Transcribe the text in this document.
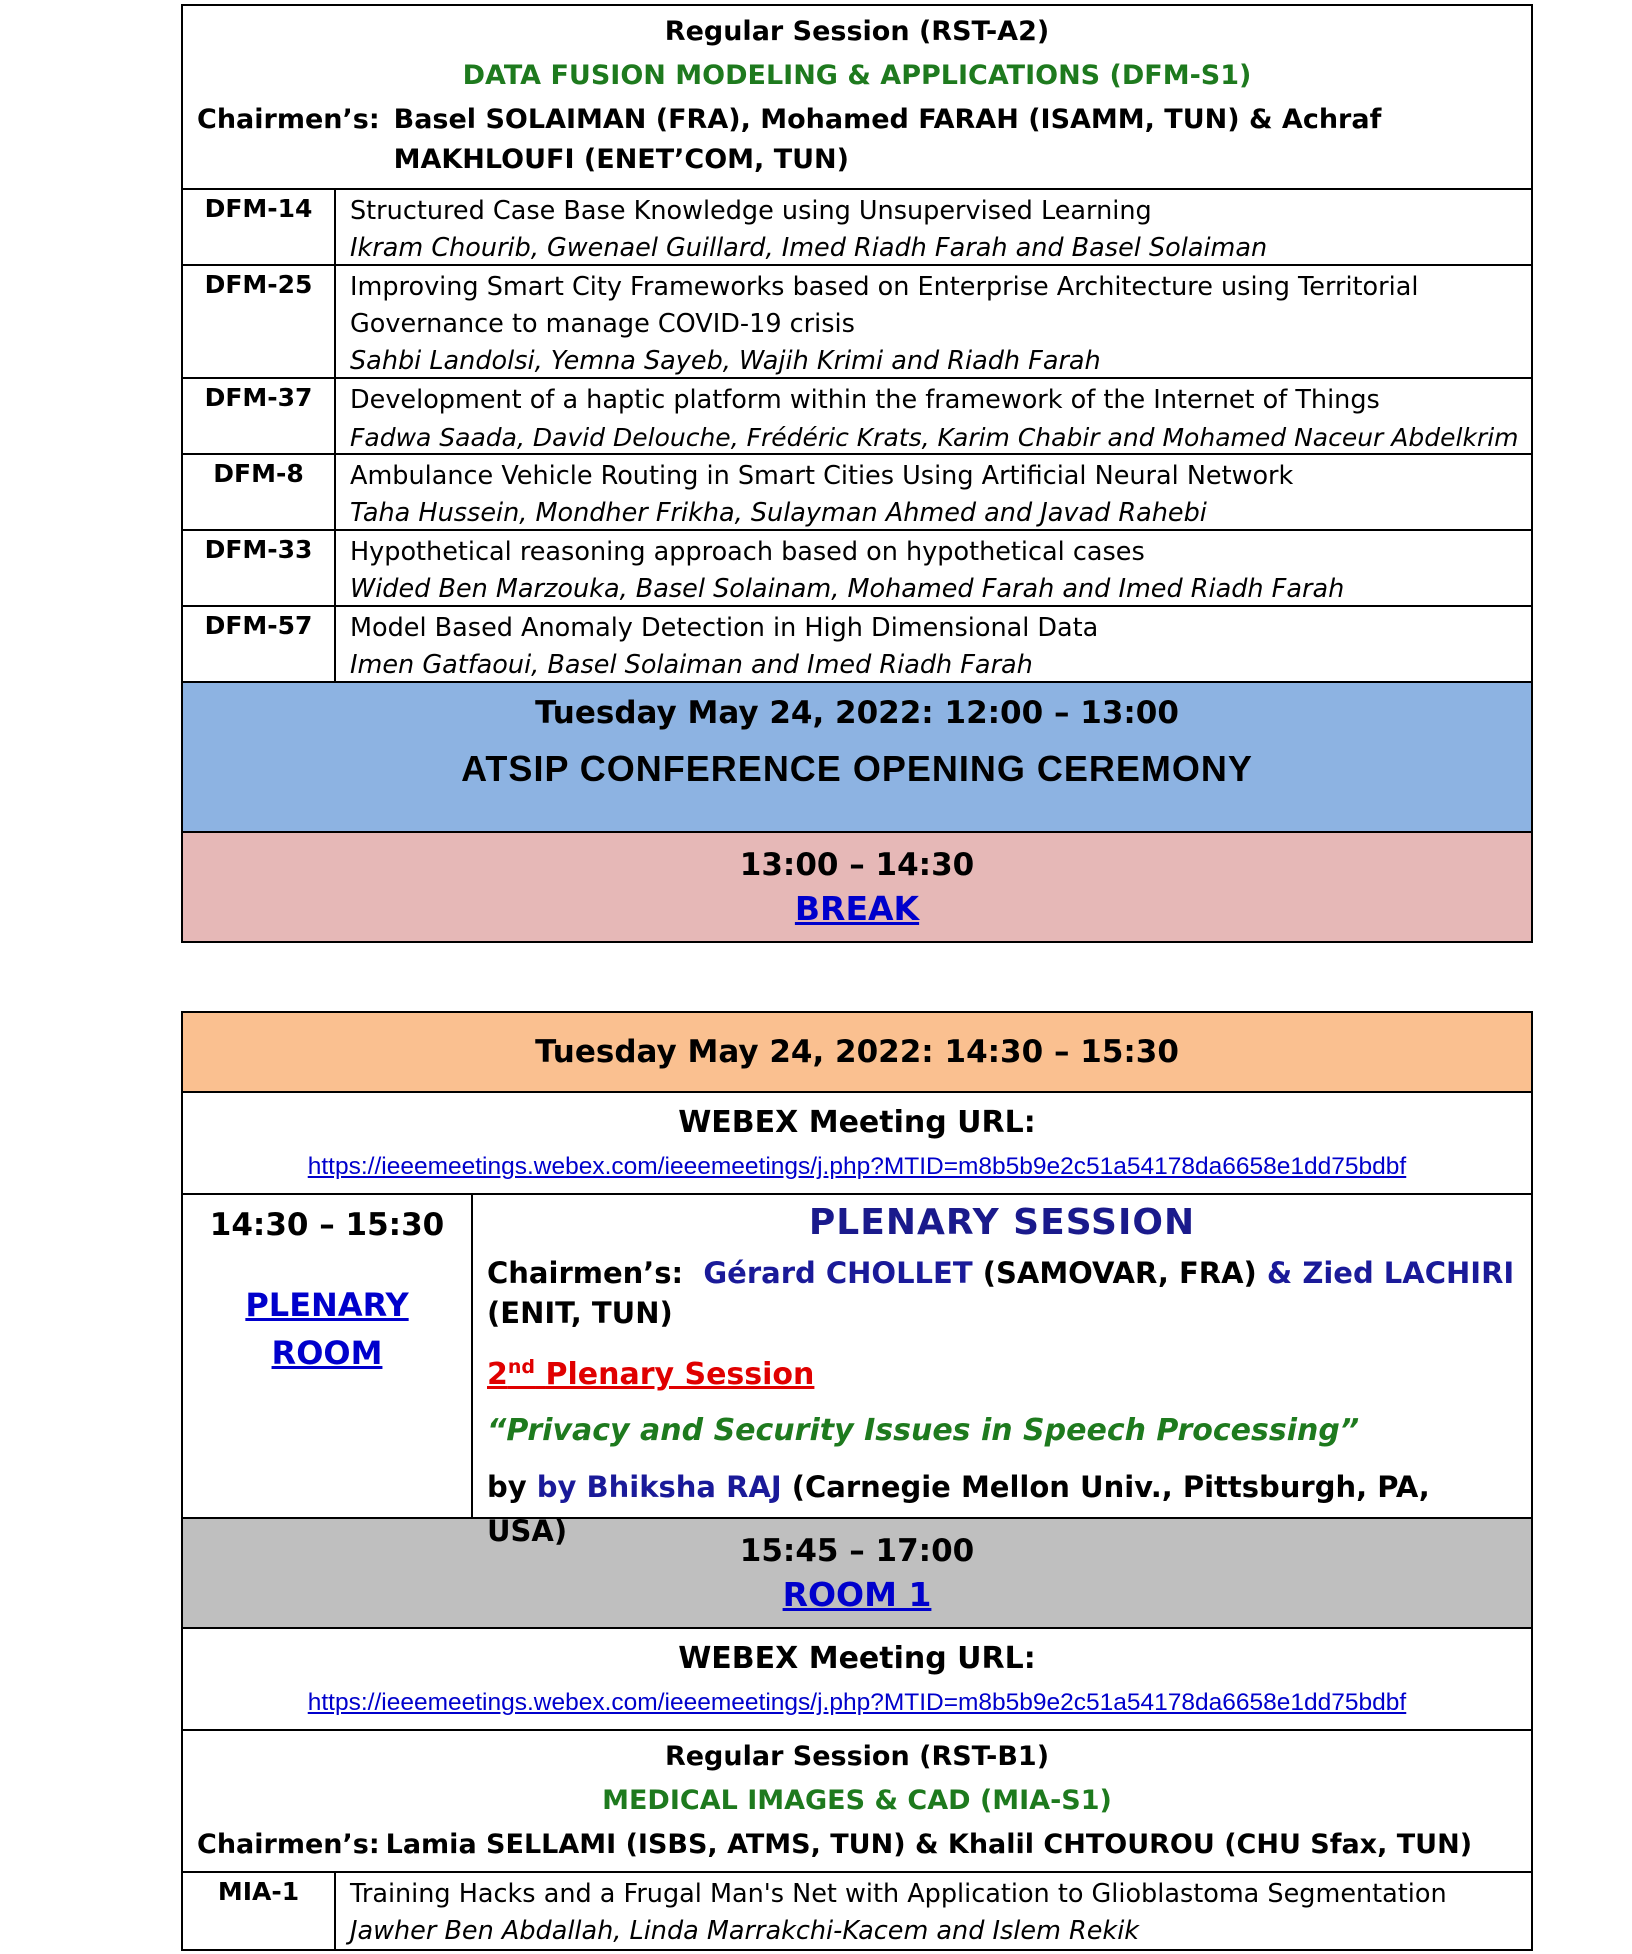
Regular Session (RST-A2)
DATA FUSION MODELING & APPLICATIONS (DFM-S1)
Chairmen’s: Basel SOLAIMAN (FRA), Mohamed FARAH (ISAMM, TUN) & Achraf MAKHLOUFI (ENET’COM, TUN)
DFM-14	Structured Case Base Knowledge using Unsupervised Learning
Ikram Chourib, Gwenael Guillard, Imed Riadh Farah and Basel Solaiman
DFM-25	Improving Smart City Frameworks based on Enterprise Architecture using Territorial Governance to manage COVID-19 crisis
Sahbi Landolsi, Yemna Sayeb, Wajih Krimi and Riadh Farah
DFM-37	Development of a haptic platform within the framework of the Internet of Things
Fadwa Saada, David Delouche, Frédéric Krats, Karim Chabir and Mohamed Naceur Abdelkrim
DFM-8	Ambulance Vehicle Routing in Smart Cities Using Artificial Neural Network
Taha Hussein, Mondher Frikha, Sulayman Ahmed and Javad Rahebi
DFM-33	Hypothetical reasoning approach based on hypothetical cases
Wided Ben Marzouka, Basel Solainam, Mohamed Farah and Imed Riadh Farah
DFM-57	Model Based Anomaly Detection in High Dimensional Data
Imen Gatfaoui, Basel Solaiman and Imed Riadh Farah
Tuesday May 24, 2022: 12:00 – 13:00
ATSIP CONFERENCE OPENING CEREMONY
13:00 – 14:30
BREAK
Tuesday May 24, 2022: 14:30 – 15:30
WEBEX Meeting URL:
https://ieeemeetings.webex.com/ieeemeetings/j.php?MTID=m8b5b9e2c51a54178da6658e1dd75bdbf
14:30 – 15:30
PLENARY
ROOM
PLENARY SESSION
Chairmen’s: Gérard CHOLLET (SAMOVAR, FRA) & Zied LACHIRI
(ENIT, TUN)
2nd Plenary Session
“Privacy and Security Issues in Speech Processing”
by by Bhiksha RAJ (Carnegie Mellon Univ., Pittsburgh, PA, USA)
15:45 – 17:00
ROOM 1
WEBEX Meeting URL:
https://ieeemeetings.webex.com/ieeemeetings/j.php?MTID=m8b5b9e2c51a54178da6658e1dd75bdbf
Regular Session (RST-B1)
MEDICAL IMAGES & CAD (MIA-S1)
Chairmen’s: Lamia SELLAMI (ISBS, ATMS, TUN) & Khalil CHTOUROU (CHU Sfax, TUN)
MIA-1	Training Hacks and a Frugal Man's Net with Application to Glioblastoma Segmentation
Jawher Ben Abdallah, Linda Marrakchi-Kacem and Islem Rekik
